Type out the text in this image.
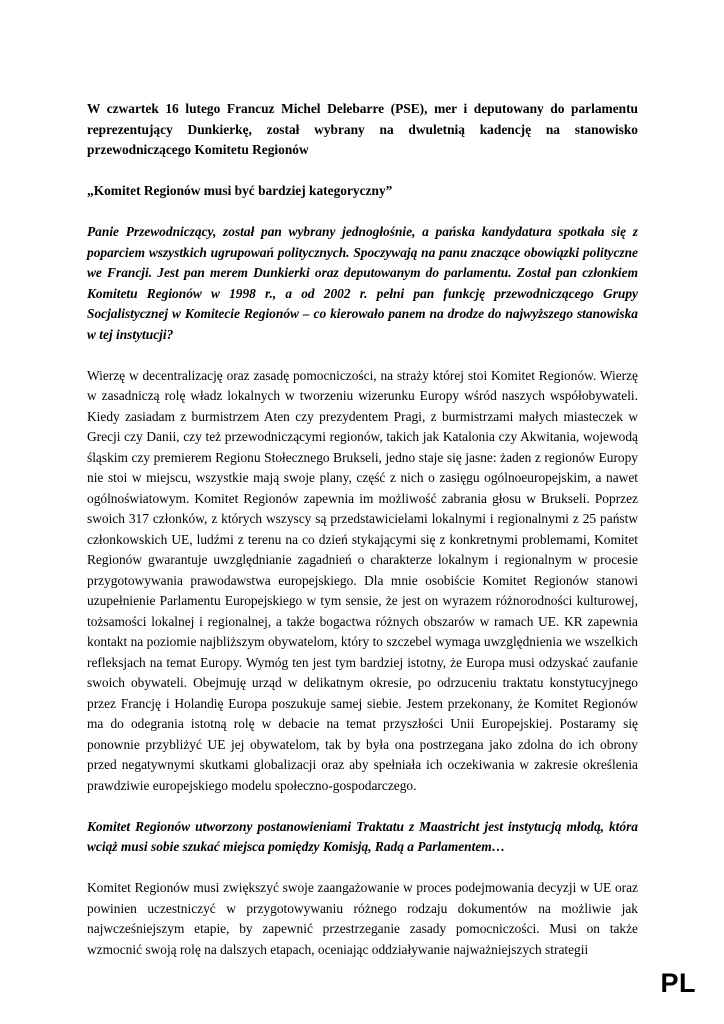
W czwartek 16 lutego Francuz Michel Delebarre (PSE), mer i deputowany do parlamentu reprezentujący Dunkierkę, został wybrany na dwuletnią kadencję na stanowisko przewodniczącego Komitetu Regionów

„Komitet Regionów musi być bardziej kategoryczny”

Panie Przewodniczący, został pan wybrany jednogłośnie, a pańska kandydatura spotkała się z poparciem wszystkich ugrupowań politycznych. Spoczywają na panu znaczące obowiązki polityczne we Francji. Jest pan merem Dunkierki oraz deputowanym do parlamentu. Został pan członkiem Komitetu Regionów w 1998 r., a od 2002 r. pełni pan funkcję przewodniczącego Grupy Socjalistycznej w Komitecie Regionów – co kierowało panem na drodze do najwyższego stanowiska w tej instytucji?

Wierzę w decentralizację oraz zasadę pomocniczości, na straży której stoi Komitet Regionów. Wierzę w zasadniczą rolę władz lokalnych w tworzeniu wizerunku Europy wśród naszych współobywateli. Kiedy zasiadam z burmistrzem Aten czy prezydentem Pragi, z burmistrzami małych miasteczek w Grecji czy Danii, czy też przewodniczącymi regionów, takich jak Katalonia czy Akwitania, wojewodą śląskim czy premierem Regionu Stołecznego Brukseli, jedno staje się jasne: żaden z regionów Europy nie stoi w miejscu, wszystkie mają swoje plany, część z nich o zasięgu ogólnoeuropejskim, a nawet ogólnoświatowym. Komitet Regionów zapewnia im możliwość zabrania głosu w Brukseli. Poprzez swoich 317 członków, z których wszyscy są przedstawicielami lokalnymi i regionalnymi z 25 państw członkowskich UE, ludźmi z terenu na co dzień stykającymi się z konkretnymi problemami, Komitet Regionów gwarantuje uwzględnianie zagadnień o charakterze lokalnym i regionalnym w procesie przygotowywania prawodawstwa europejskiego. Dla mnie osobiście Komitet Regionów stanowi uzupełnienie Parlamentu Europejskiego w tym sensie, że jest on wyrazem różnorodności kulturowej, tożsamości lokalnej i regionalnej, a także bogactwa różnych obszarów w ramach UE. KR zapewnia kontakt na poziomie najbliższym obywatelom, który to szczebel wymaga uwzględnienia we wszelkich refleksjach na temat Europy. Wymóg ten jest tym bardziej istotny, że Europa musi odzyskać zaufanie swoich obywateli. Obejmuję urząd w delikatnym okresie, po odrzuceniu traktatu konstytucyjnego przez Francję i Holandię Europa poszukuje samej siebie. Jestem przekonany, że Komitet Regionów ma do odegrania istotną rolę w debacie na temat przyszłości Unii Europejskiej. Postaramy się ponownie przybliżyć UE jej obywatelom, tak by była ona postrzegana jako zdolna do ich obrony przed negatywnymi skutkami globalizacji oraz aby spełniała ich oczekiwania w zakresie określenia prawdziwie europejskiego modelu społeczno-gospodarczego.

Komitet Regionów utworzony postanowieniami Traktatu z Maastricht jest instytucją młodą, która wciąż musi sobie szukać miejsca pomiędzy Komisją, Radą a Parlamentem…

Komitet Regionów musi zwiększyć swoje zaangażowanie w proces podejmowania decyzji w UE oraz powinien uczestniczyć w przygotowywaniu różnego rodzaju dokumentów na możliwie jak najwcześniejszym etapie, by zapewnić przestrzeganie zasady pomocniczości. Musi on także wzmocnić swoją rolę na dalszych etapach, oceniając oddziaływanie najważniejszych strategii

PL
